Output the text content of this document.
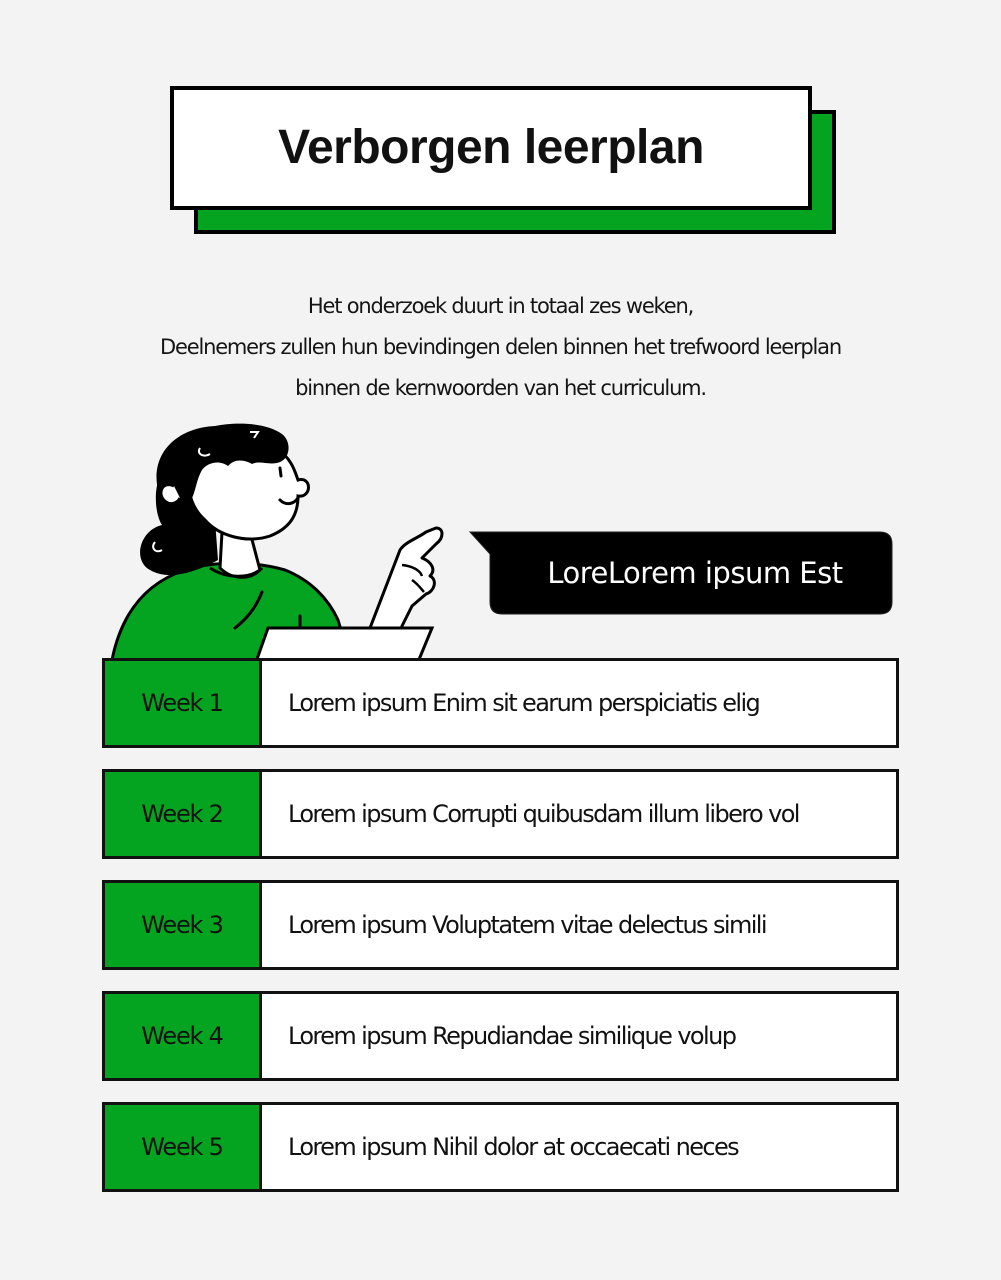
Verborgen leerplan
Het onderzoek duurt in totaal zes weken,
Deelnemers zullen hun bevindingen delen binnen het trefwoord leerplan
binnen de kernwoorden van het curriculum.
LoreLorem ipsum Est
Week 1	Lorem ipsum Enim sit earum perspiciatis elig
Week 2	Lorem ipsum Corrupti quibusdam illum libero vol
Week 3	Lorem ipsum Voluptatem vitae delectus simili
Week 4	Lorem ipsum Repudiandae similique volup
Week 5	Lorem ipsum Nihil dolor at occaecati neces
